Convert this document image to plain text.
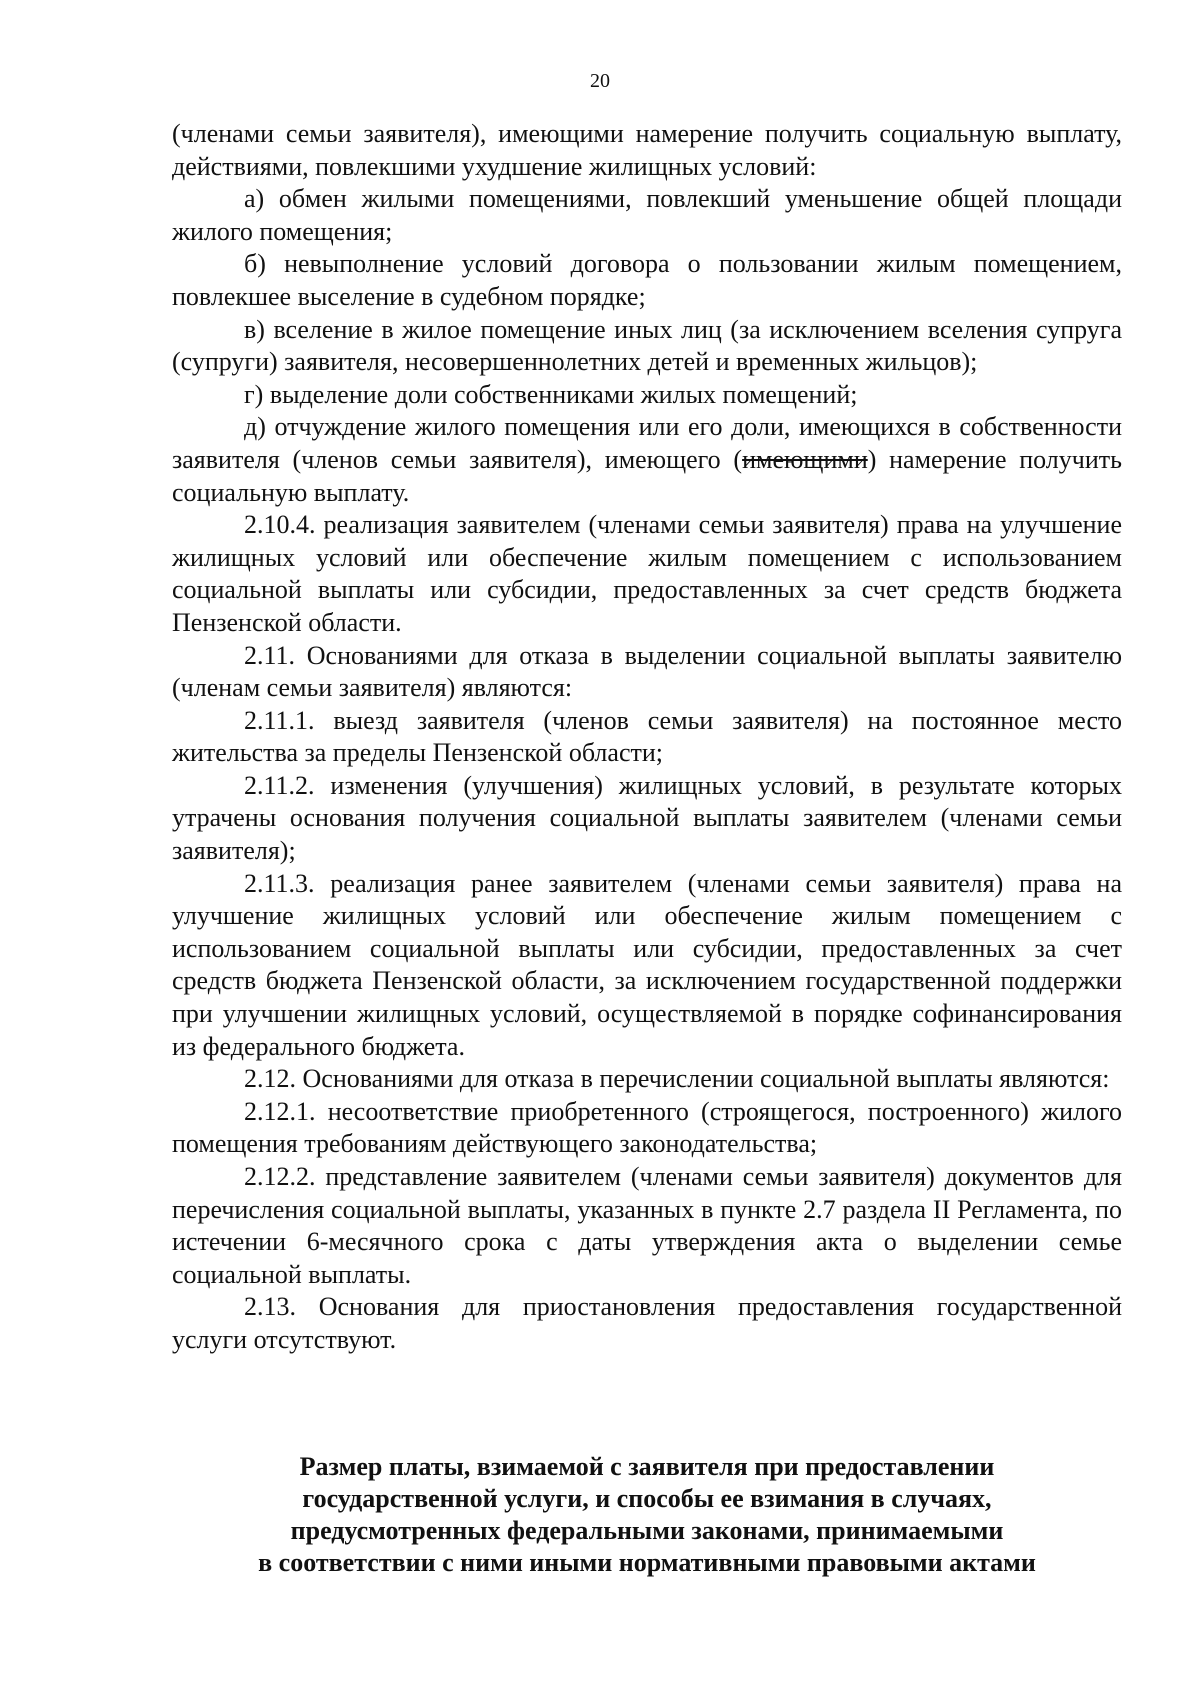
20

(членами семьи заявителя), имеющими намерение получить социальную выплату, действиями, повлекшими ухудшение жилищных условий:

а) обмен жилыми помещениями, повлекший уменьшение общей площади жилого помещения;

б) невыполнение условий договора о пользовании жилым помещением, повлекшее выселение в судебном порядке;

в) вселение в жилое помещение иных лиц (за исключением вселения супруга (супруги) заявителя, несовершеннолетних детей и временных жильцов);

г) выделение доли собственниками жилых помещений;

д) отчуждение жилого помещения или его доли, имеющихся в собственности заявителя (членов семьи заявителя), имеющего (имеющими) намерение получить социальную выплату.

2.10.4. реализация заявителем (членами семьи заявителя) права на улучшение жилищных условий или обеспечение жилым помещением с использованием социальной выплаты или субсидии, предоставленных за счет средств бюджета Пензенской области.

2.11. Основаниями для отказа в выделении социальной выплаты заявителю (членам семьи заявителя) являются:

2.11.1. выезд заявителя (членов семьи заявителя) на постоянное место жительства за пределы Пензенской области;

2.11.2. изменения (улучшения) жилищных условий, в результате которых утрачены основания получения социальной выплаты заявителем (членами семьи заявителя);

2.11.3. реализация ранее заявителем (членами семьи заявителя) права на улучшение жилищных условий или обеспечение жилым помещением с использованием социальной выплаты или субсидии, предоставленных за счет средств бюджета Пензенской области, за исключением государственной поддержки при улучшении жилищных условий, осуществляемой в порядке софинансирования из федерального бюджета.

2.12. Основаниями для отказа в перечислении социальной выплаты являются:

2.12.1. несоответствие приобретенного (строящегося, построенного) жилого помещения требованиям действующего законодательства;

2.12.2. представление заявителем (членами семьи заявителя) документов для перечисления социальной выплаты, указанных в пункте 2.7 раздела II Регламента, по истечении 6-месячного срока с даты утверждения акта о выделении семье социальной выплаты.

2.13. Основания для приостановления предоставления государственной услуги отсутствуют.

Размер платы, взимаемой с заявителя при предоставлении
государственной услуги, и способы ее взимания в случаях,
предусмотренных федеральными законами, принимаемыми
в соответствии с ними иными нормативными правовыми актами
